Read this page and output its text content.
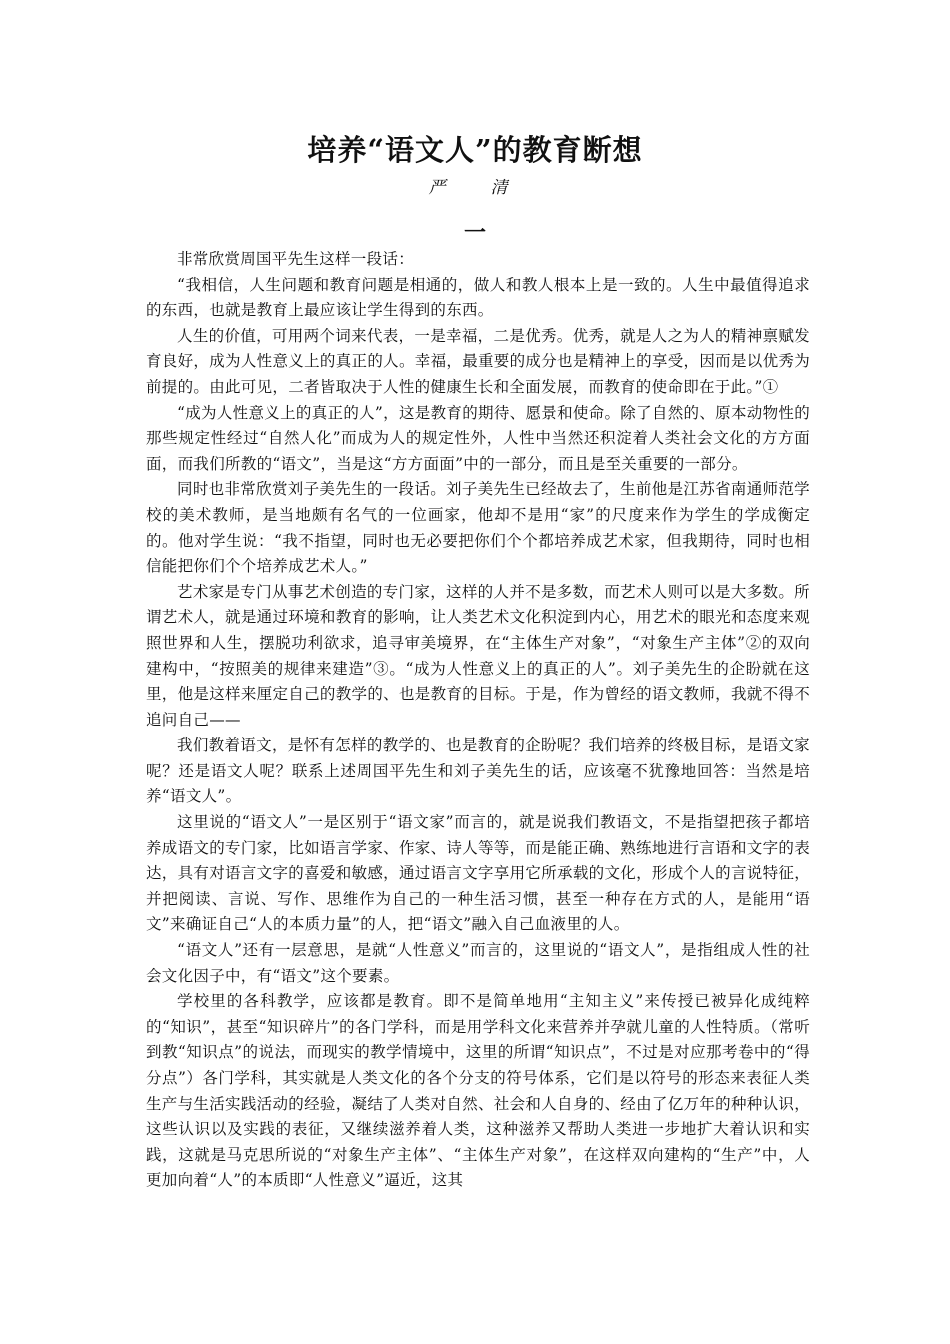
培养“语文人”的教育断想
严　清
一

非常欣赏周国平先生这样一段话：

“我相信，人生问题和教育问题是相通的，做人和教人根本上是一致的。人生中最值得追求的东西，也就是教育上最应该让学生得到的东西。

人生的价值，可用两个词来代表，一是幸福，二是优秀。优秀，就是人之为人的精神禀赋发育良好，成为人性意义上的真正的人。幸福，最重要的成分也是精神上的享受，因而是以优秀为前提的。由此可见，二者皆取决于人性的健康生长和全面发展，而教育的使命即在于此。”①

“成为人性意义上的真正的人”，这是教育的期待、愿景和使命。除了自然的、原本动物性的那些规定性经过“自然人化”而成为人的规定性外，人性中当然还积淀着人类社会文化的方方面面，而我们所教的“语文”，当是这“方方面面”中的一部分，而且是至关重要的一部分。

同时也非常欣赏刘子美先生的一段话。刘子美先生已经故去了，生前他是江苏省南通师范学校的美术教师，是当地颇有名气的一位画家，他却不是用“家”的尺度来作为学生的学成衡定的。他对学生说：“我不指望，同时也无必要把你们个个都培养成艺术家，但我期待，同时也相信能把你们个个培养成艺术人。”

艺术家是专门从事艺术创造的专门家，这样的人并不是多数，而艺术人则可以是大多数。所谓艺术人，就是通过环境和教育的影响，让人类艺术文化积淀到内心，用艺术的眼光和态度来观照世界和人生，摆脱功利欲求，追寻审美境界，在“主体生产对象”，“对象生产主体”②的双向建构中，“按照美的规律来建造”③。“成为人性意义上的真正的人”。刘子美先生的企盼就在这里，他是这样来厘定自己的教学的、也是教育的目标。于是，作为曾经的语文教师，我就不得不追问自己——

我们教着语文，是怀有怎样的教学的、也是教育的企盼呢？我们培养的终极目标，是语文家呢？还是语文人呢？联系上述周国平先生和刘子美先生的话，应该毫不犹豫地回答：当然是培养“语文人”。

这里说的“语文人”一是区别于“语文家”而言的，就是说我们教语文，不是指望把孩子都培养成语文的专门家，比如语言学家、作家、诗人等等，而是能正确、熟练地进行言语和文字的表达，具有对语言文字的喜爱和敏感，通过语言文字享用它所承载的文化，形成个人的言说特征，并把阅读、言说、写作、思维作为自己的一种生活习惯，甚至一种存在方式的人，是能用“语文”来确证自己“人的本质力量”的人，把“语文”融入自己血液里的人。

“语文人”还有一层意思，是就“人性意义”而言的，这里说的“语文人”，是指组成人性的社会文化因子中，有“语文”这个要素。

学校里的各科教学，应该都是教育。即不是简单地用“主知主义”来传授已被异化成纯粹的“知识”，甚至“知识碎片”的各门学科，而是用学科文化来营养并孕就儿童的人性特质。（常听到教“知识点”的说法，而现实的教学情境中，这里的所谓“知识点”，不过是对应那考卷中的“得分点”）各门学科，其实就是人类文化的各个分支的符号体系，它们是以符号的形态来表征人类生产与生活实践活动的经验，凝结了人类对自然、社会和人自身的、经由了亿万年的种种认识，这些认识以及实践的表征，又继续滋养着人类，这种滋养又帮助人类进一步地扩大着认识和实践，这就是马克思所说的“对象生产主体”、“主体生产对象”，在这样双向建构的“生产”中，人更加向着“人”的本质即“人性意义”逼近，这其
